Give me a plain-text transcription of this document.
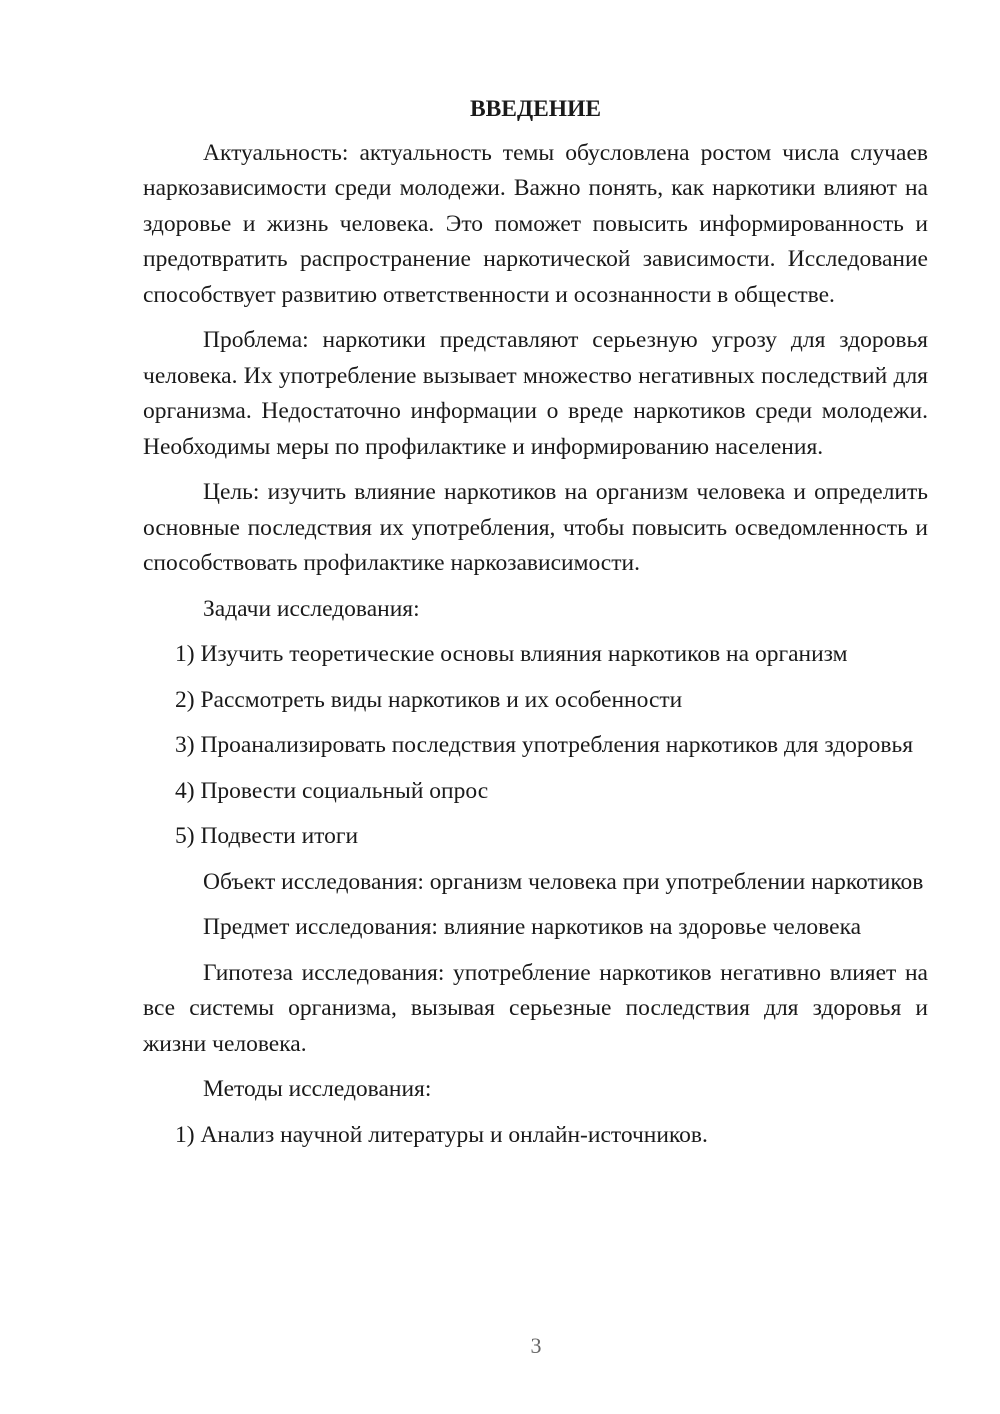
ВВЕДЕНИЕ

Актуальность: актуальность темы обусловлена ростом числа случаев наркозависимости среди молодежи. Важно понять, как наркотики влияют на здоровье и жизнь человека. Это поможет повысить информированность и предотвратить распространение наркотической зависимости. Исследование способствует развитию ответственности и осознанности в обществе.

Проблема: наркотики представляют серьезную угрозу для здоровья человека. Их употребление вызывает множество негативных последствий для организма. Недостаточно информации о вреде наркотиков среди молодежи. Необходимы меры по профилактике и информированию населения.

Цель: изучить влияние наркотиков на организм человека и определить основные последствия их употребления, чтобы повысить осведомленность и способствовать профилактике наркозависимости.

Задачи исследования:

1) Изучить теоретические основы влияния наркотиков на организм

2) Рассмотреть виды наркотиков и их особенности

3) Проанализировать последствия употребления наркотиков для здоровья

4) Провести социальный опрос

5) Подвести итоги

Объект исследования: организм человека при употреблении наркотиков

Предмет исследования: влияние наркотиков на здоровье человека

Гипотеза исследования: употребление наркотиков негативно влияет на все системы организма, вызывая серьезные последствия для здоровья и жизни человека.

Методы исследования:

1) Анализ научной литературы и онлайн-источников.

3
